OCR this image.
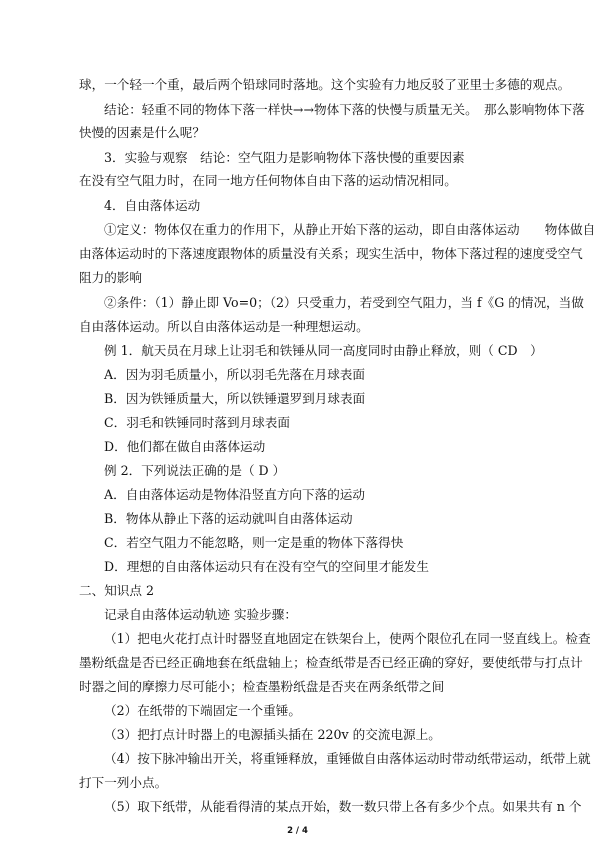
球，一个轻一个重，最后两个铅球同时落地。这个实验有力地反驳了亚里士多德的观点。
结论：轻重不同的物体下落一样快→→物体下落的快慢与质量无关。　那么影响物体下落
快慢的因素是什么呢？
3．实验与观察　结论：空气阻力是影响物体下落快慢的重要因素
在没有空气阻力时，在同一地方任何物体自由下落的运动情况相同。
4．自由落体运动
①定义：物体仅在重力的作用下，从静止开始下落的运动，即自由落体运动　　物体做自
由落体运动时的下落速度跟物体的质量没有关系；现实生活中，物体下落过程的速度受空气
阻力的影响
②条件：（1）静止即 Vo=0；（2）只受重力，若受到空气阻力，当 f《G 的情况，当做
自由落体运动。所以自由落体运动是一种理想运动。
例 1．航天员在月球上让羽毛和铁锤从同一高度同时由静止释放，则（ CD　）
A．因为羽毛质量小，所以羽毛先落在月球表面
B．因为铁锤质量大，所以铁锤還罗到月球表面
C．羽毛和铁锤同时落到月球表面
D．他们都在做自由落体运动
例 2．下列说法正确的是（ D ）
A．自由落体运动是物体沿竖直方向下落的运动
B．物体从静止下落的运动就叫自由落体运动
C．若空气阻力不能忽略，则一定是重的物体下落得快
D．理想的自由落体运动只有在没有空气的空间里才能发生
二、知识点 2
记录自由落体运动轨迹 实验步骤：
（1）把电火花打点计时器竖直地固定在铁架台上，使两个限位孔在同一竖直线上。检查
墨粉纸盘是否已经正确地套在纸盘轴上；检查纸带是否已经正确的穿好，要使纸带与打点计
时器之间的摩擦力尽可能小；检查墨粉纸盘是否夹在两条纸带之间
（2）在纸带的下端固定一个重锤。
（3）把打点计时器上的电源插头插在 220v 的交流电源上。
（4）按下脉冲输出开关，将重锤释放，重锤做自由落体运动时带动纸带运动，纸带上就
打下一列小点。
（5）取下纸带，从能看得清的某点开始，数一数只带上各有多少个点。如果共有 n 个
2 / 4
